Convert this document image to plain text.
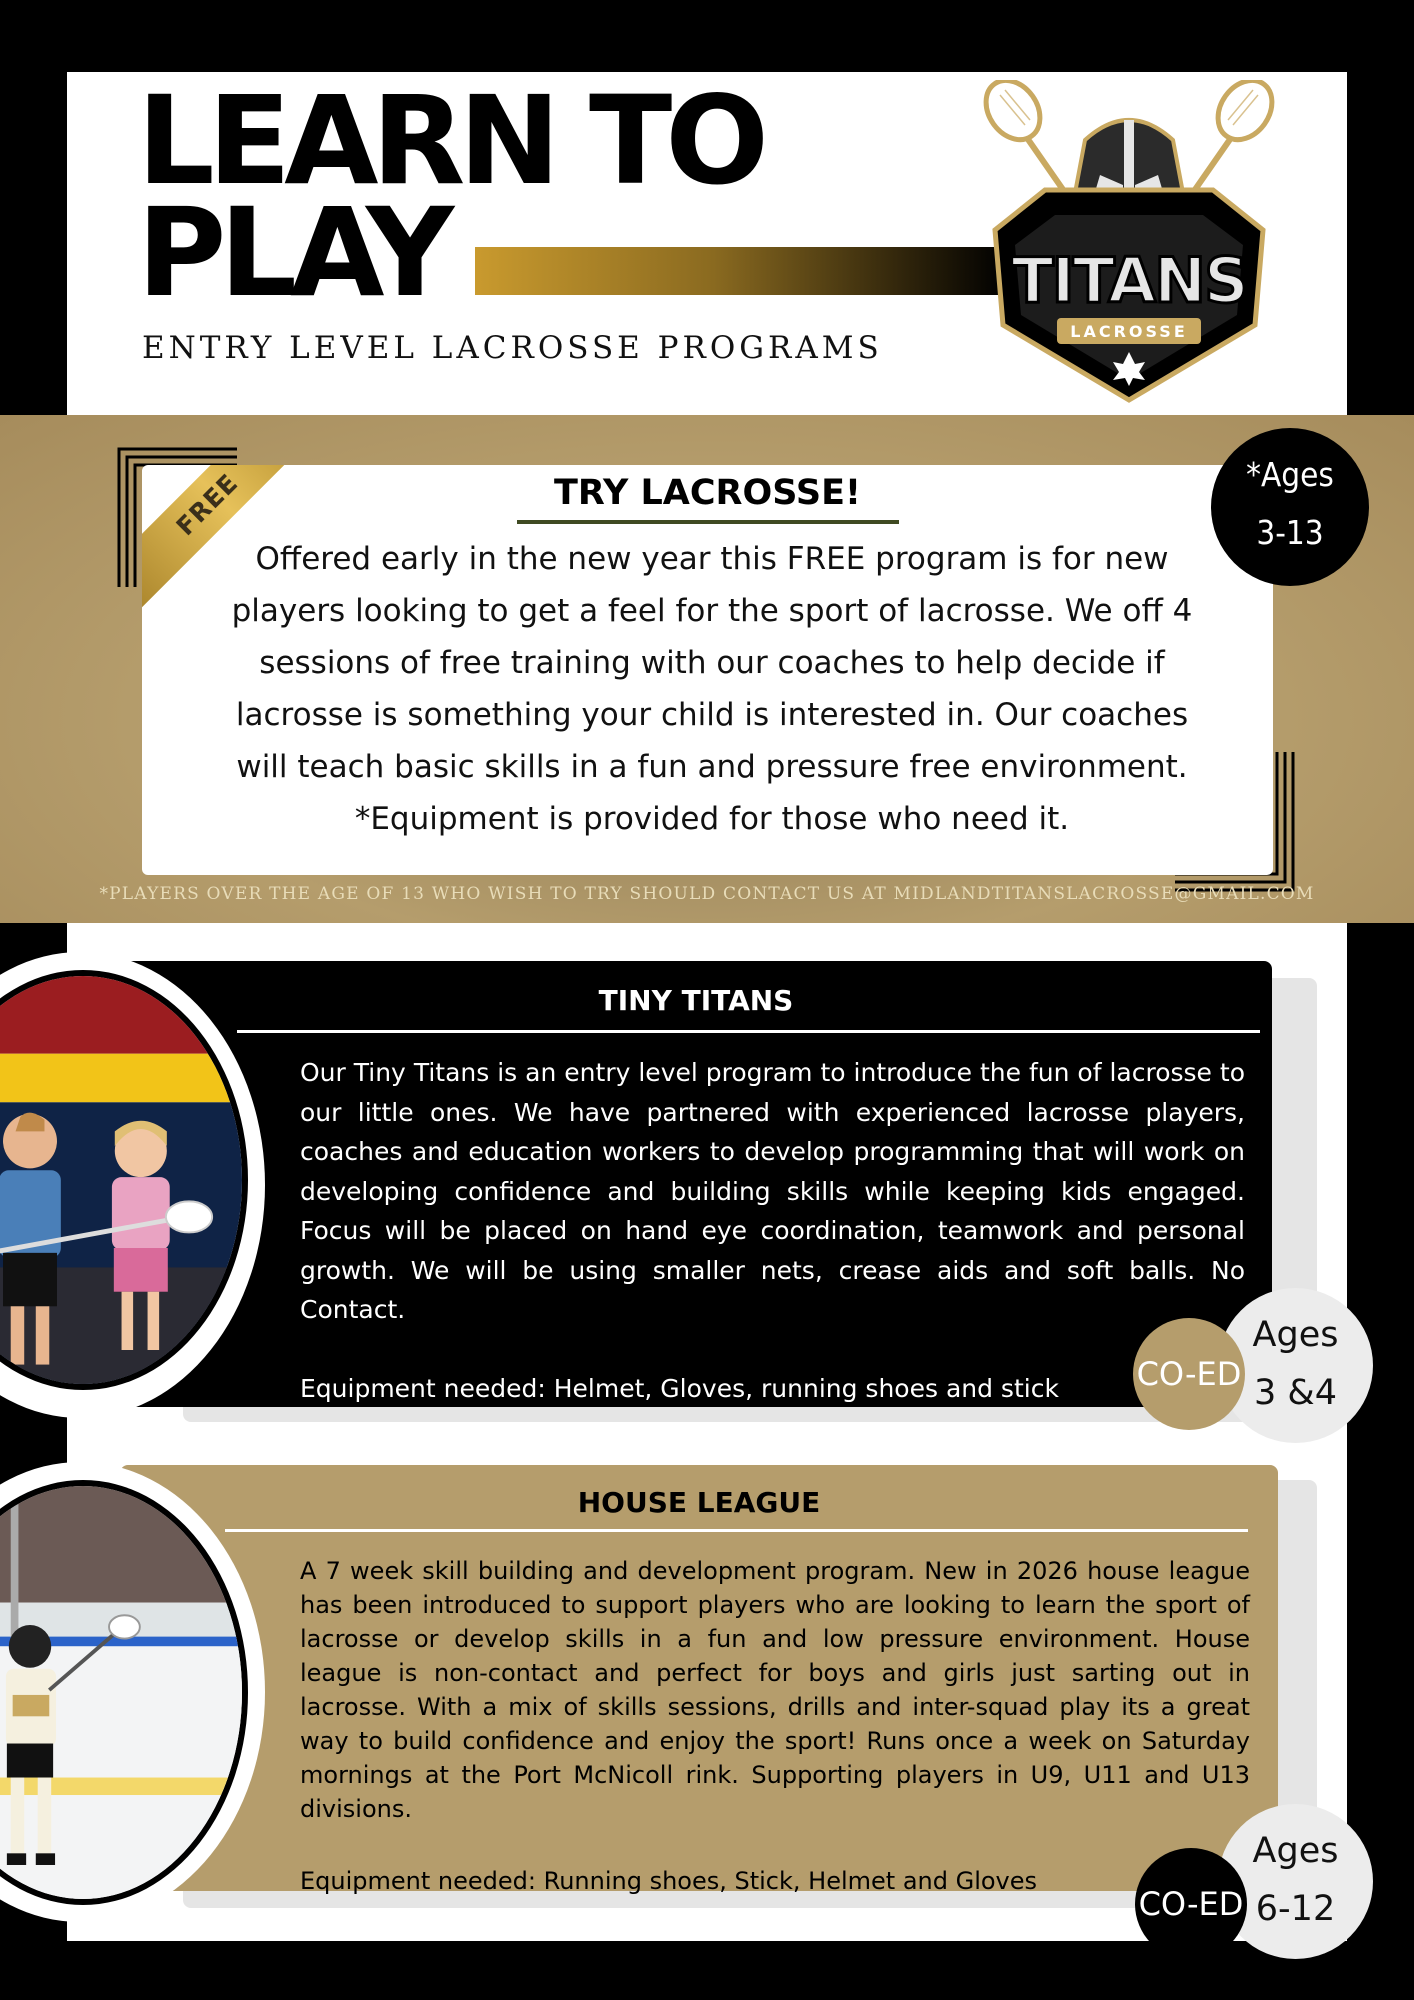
LEARN TO
PLAY
ENTRY LEVEL LACROSSE PROGRAMS
TITANS
LACROSSE
FREE	TRY LACROSSE!
Offered early in the new year this FREE program is for new players looking to get a feel for the sport of lacrosse. We off 4 sessions of free training with our coaches to help decide if lacrosse is something your child is interested in. Our coaches will teach basic skills in a fun and pressure free environment. *Equipment is provided for those who need it.
*Ages
3-13
*PLAYERS OVER THE AGE OF 13 WHO WISH TO TRY SHOULD CONTACT US AT MIDLANDTITANSLACROSSE@GMAIL.COM
TINY TITANS

Our Tiny Titans is an entry level program to introduce the fun of lacrosse to our little ones. We have partnered with experienced lacrosse players, coaches and education workers to develop programming that will work on developing confidence and building skills while keeping kids engaged. Focus will be placed on hand eye coordination, teamwork and personal growth. We will be using smaller nets, crease aids and soft balls. No Contact.

Equipment needed: Helmet, Gloves, running shoes and stick

Ages
3 &4
CO-ED
HOUSE LEAGUE

A 7 week skill building and development program. New in 2026 house league has been introduced to support players who are looking to learn the sport of lacrosse or develop skills in a fun and low pressure environment. House league is non-contact and perfect for boys and girls just sarting out in lacrosse. With a mix of skills sessions, drills and inter-squad play its a great way to build confidence and enjoy the sport! Runs once a week on Saturday mornings at the Port McNicoll rink. Supporting players in U9, U11 and U13 divisions.

Equipment needed: Running shoes, Stick, Helmet and Gloves

Ages
6-12
CO-ED
